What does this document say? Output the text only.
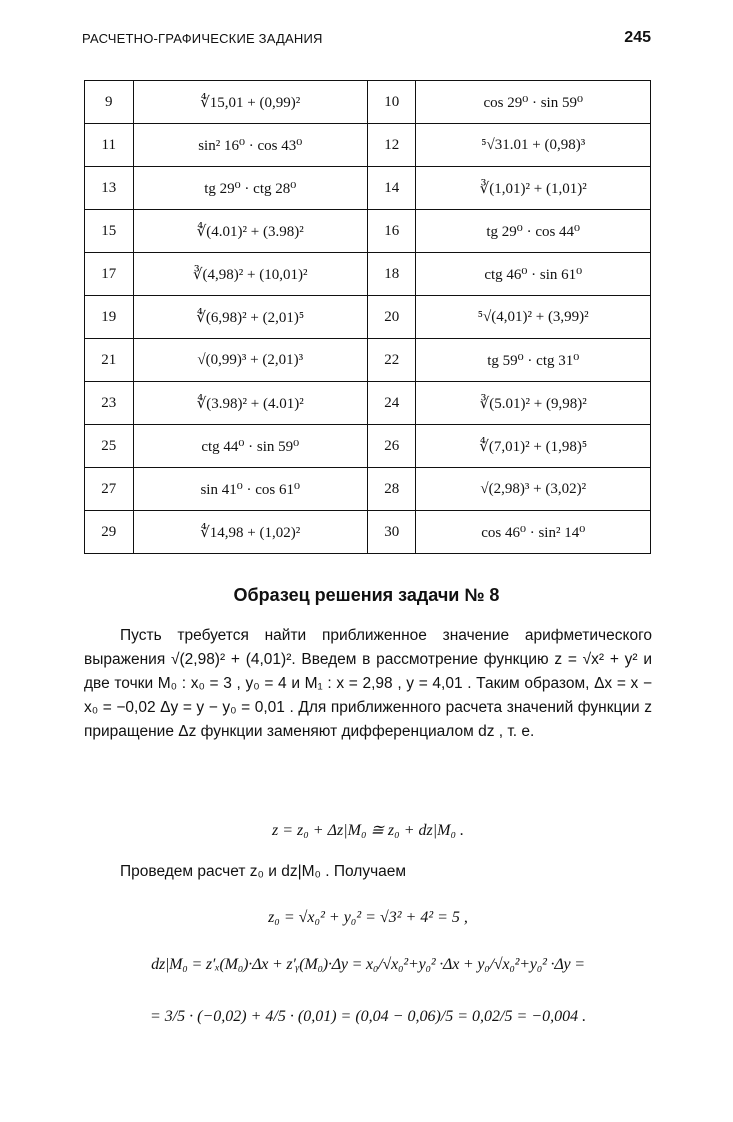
РАСЧЕТНО-ГРАФИЧЕСКИЕ ЗАДАНИЯ	245
9	∜15,01 + (0,99)²	10	cos 29⁰ · sin 59⁰
11	sin² 16⁰ · cos 43⁰	12	⁵√31.01 + (0,98)³
13	tg 29⁰ · ctg 28⁰	14	∛(1,01)² + (1,01)²
15	∜(4.01)² + (3.98)²	16	tg 29⁰ · cos 44⁰
17	∛(4,98)² + (10,01)²	18	ctg 46⁰ · sin 61⁰
19	∜(6,98)² + (2,01)⁵	20	⁵√(4,01)² + (3,99)²
21	√(0,99)³ + (2,01)³	22	tg 59⁰ · ctg 31⁰
23	∜(3.98)² + (4.01)²	24	∛(5.01)² + (9,98)²
25	ctg 44⁰ · sin 59⁰	26	∜(7,01)² + (1,98)⁵
27	sin 41⁰ · cos 61⁰	28	√(2,98)³ + (3,02)²
29	∜14,98 + (1,02)²	30	cos 46⁰ · sin² 14⁰
Образец решения задачи № 8

Пусть требуется найти приближенное значение арифметического выражения √(2,98)² + (4,01)². Введем в рассмотрение функцию z = √x² + y² и две точки M₀ : x₀ = 3 , y₀ = 4 и M₁ : x = 2,98 , y = 4,01 . Таким образом, Δx = x − x₀ = −0,02 Δy = y − y₀ = 0,01 . Для приближенного расчета значений функции z приращение Δz функции заменяют дифференциалом dz , т. е.

z = z₀ + Δz|M₀ ≅ z₀ + dz|M₀ .

Проведем расчет z₀ и dz|M₀ . Получаем

z₀ = √x₀² + y₀² = √3² + 4² = 5 ,

dz|M₀ = z′ₓ(M₀)·Δx + z′ᵧ(M₀)·Δy = x₀/√x₀²+y₀² ·Δx + y₀/√x₀²+y₀² ·Δy =

= 3/5 · (−0,02) + 4/5 · (0,01) = (0,04 − 0,06)/5 = 0,02/5 = −0,004 .
